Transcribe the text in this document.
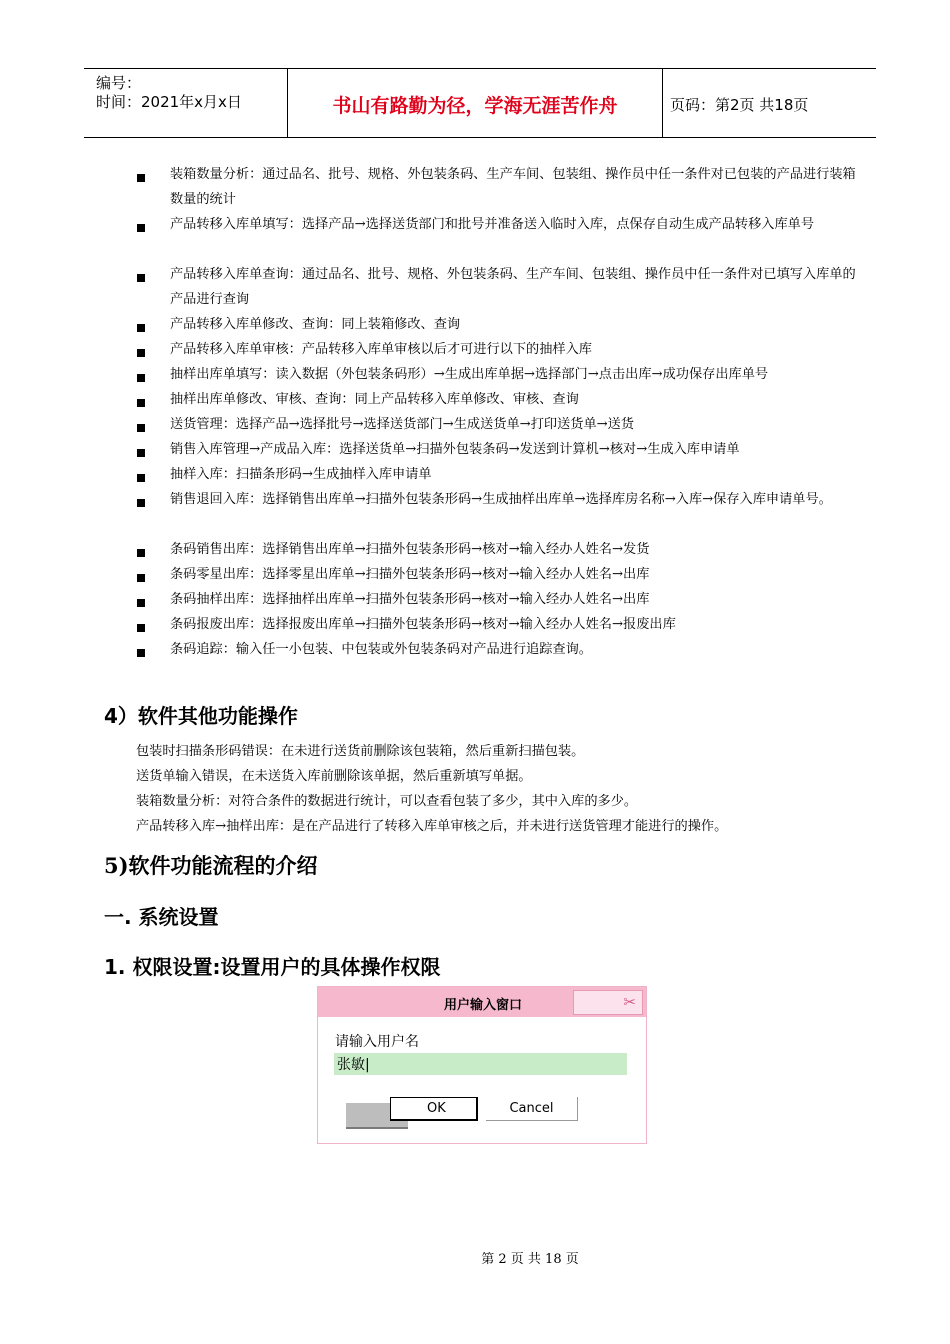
编号：
时间：2021年x月x日	书山有路勤为径，学海无涯苦作舟	页码：第2页 共18页
装箱数量分析：通过品名、批号、规格、外包装条码、生产车间、包装组、操作员中任一条件对已包装的产品进行装箱数量的统计
产品转移入库单填写：选择产品→选择送货部门和批号并准备送入临时入库，点保存自动生成产品转移入库单号
产品转移入库单查询：通过品名、批号、规格、外包装条码、生产车间、包装组、操作员中任一条件对已填写入库单的产品进行查询
产品转移入库单修改、查询：同上装箱修改、查询
产品转移入库单审核：产品转移入库单审核以后才可进行以下的抽样入库
抽样出库单填写：读入数据（外包装条码形）→生成出库单据→选择部门→点击出库→成功保存出库单号
抽样出库单修改、审核、查询：同上产品转移入库单修改、审核、查询
送货管理：选择产品→选择批号→选择送货部门→生成送货单→打印送货单→送货
销售入库管理→产成品入库：选择送货单→扫描外包装条码→发送到计算机→核对→生成入库申请单
抽样入库：扫描条形码→生成抽样入库申请单
销售退回入库：选择销售出库单→扫描外包装条形码→生成抽样出库单→选择库房名称→入库→保存入库申请单号。
条码销售出库：选择销售出库单→扫描外包装条形码→核对→输入经办人姓名→发货
条码零星出库：选择零星出库单→扫描外包装条形码→核对→输入经办人姓名→出库
条码抽样出库：选择抽样出库单→扫描外包装条形码→核对→输入经办人姓名→出库
条码报废出库：选择报废出库单→扫描外包装条形码→核对→输入经办人姓名→报废出库
条码追踪：输入任一小包装、中包装或外包装条码对产品进行追踪查询。
4）软件其他功能操作
包装时扫描条形码错误：在未进行送货前删除该包装箱，然后重新扫描包装。
送货单输入错误，在未送货入库前删除该单据，然后重新填写单据。
装箱数量分析：对符合条件的数据进行统计，可以查看包装了多少，其中入库的多少。
产品转移入库→抽样出库：是在产品进行了转移入库单审核之后，并未进行送货管理才能进行的操作。
5)软件功能流程的介绍
一. 系统设置
1. 权限设置:设置用户的具体操作权限
用户输入窗口	✂
请输入用户名
张敏|
OK	Cancel
第 2 页 共 18 页
